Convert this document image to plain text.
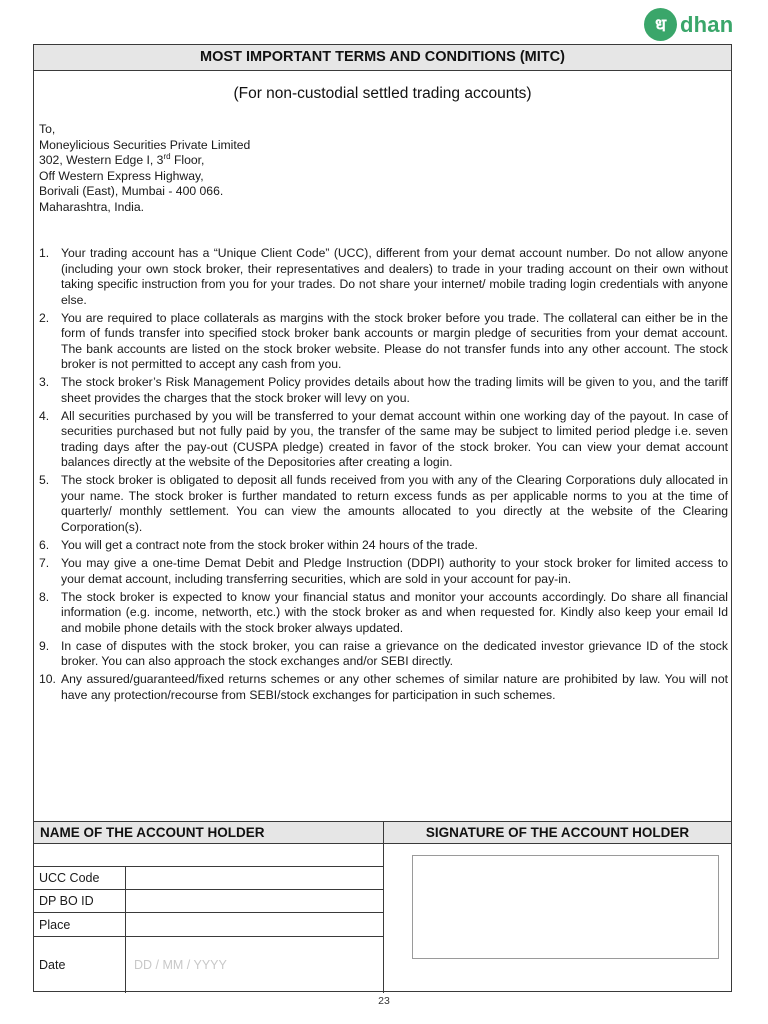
ध dhan
MOST IMPORTANT TERMS AND CONDITIONS (MITC)
(For non-custodial settled trading accounts)
To,
Moneylicious Securities Private Limited
302, Western Edge I, 3rd Floor,
Off Western Express Highway,
Borivali (East), Mumbai - 400 066.
Maharashtra, India.
1. Your trading account has a “Unique Client Code” (UCC), different from your demat account number. Do not allow anyone (including your own stock broker, their representatives and dealers) to trade in your trading account on their own without taking specific instruction from you for your trades. Do not share your internet/ mobile trading login credentials with anyone else.
2. You are required to place collaterals as margins with the stock broker before you trade. The collateral can either be in the form of funds transfer into specified stock broker bank accounts or margin pledge of securities from your demat account. The bank accounts are listed on the stock broker website. Please do not transfer funds into any other account. The stock broker is not permitted to accept any cash from you.
3. The stock broker’s Risk Management Policy provides details about how the trading limits will be given to you, and the tariff sheet provides the charges that the stock broker will levy on you.
4. All securities purchased by you will be transferred to your demat account within one working day of the payout. In case of securities purchased but not fully paid by you, the transfer of the same may be subject to limited period pledge i.e. seven trading days after the pay-out (CUSPA pledge) created in favor of the stock broker. You can view your demat account balances directly at the website of the Depositories after creating a login.
5. The stock broker is obligated to deposit all funds received from you with any of the Clearing Corporations duly allocated in your name. The stock broker is further mandated to return excess funds as per applicable norms to you at the time of quarterly/ monthly settlement. You can view the amounts allocated to you directly at the website of the Clearing Corporation(s).
6. You will get a contract note from the stock broker within 24 hours of the trade.
7. You may give a one-time Demat Debit and Pledge Instruction (DDPI) authority to your stock broker for limited access to your demat account, including transferring securities, which are sold in your account for pay-in.
8. The stock broker is expected to know your financial status and monitor your accounts accordingly. Do share all financial information (e.g. income, networth, etc.) with the stock broker as and when requested for. Kindly also keep your email Id and mobile phone details with the stock broker always updated.
9. In case of disputes with the stock broker, you can raise a grievance on the dedicated investor grievance ID of the stock broker. You can also approach the stock exchanges and/or SEBI directly.
10. Any assured/guaranteed/fixed returns schemes or any other schemes of similar nature are prohibited by law. You will not have any protection/recourse from SEBI/stock exchanges for participation in such schemes.
NAME OF THE ACCOUNT HOLDER	SIGNATURE OF THE ACCOUNT HOLDER
UCC Code
DP BO ID
Place
Date	DD / MM / YYYY
23
